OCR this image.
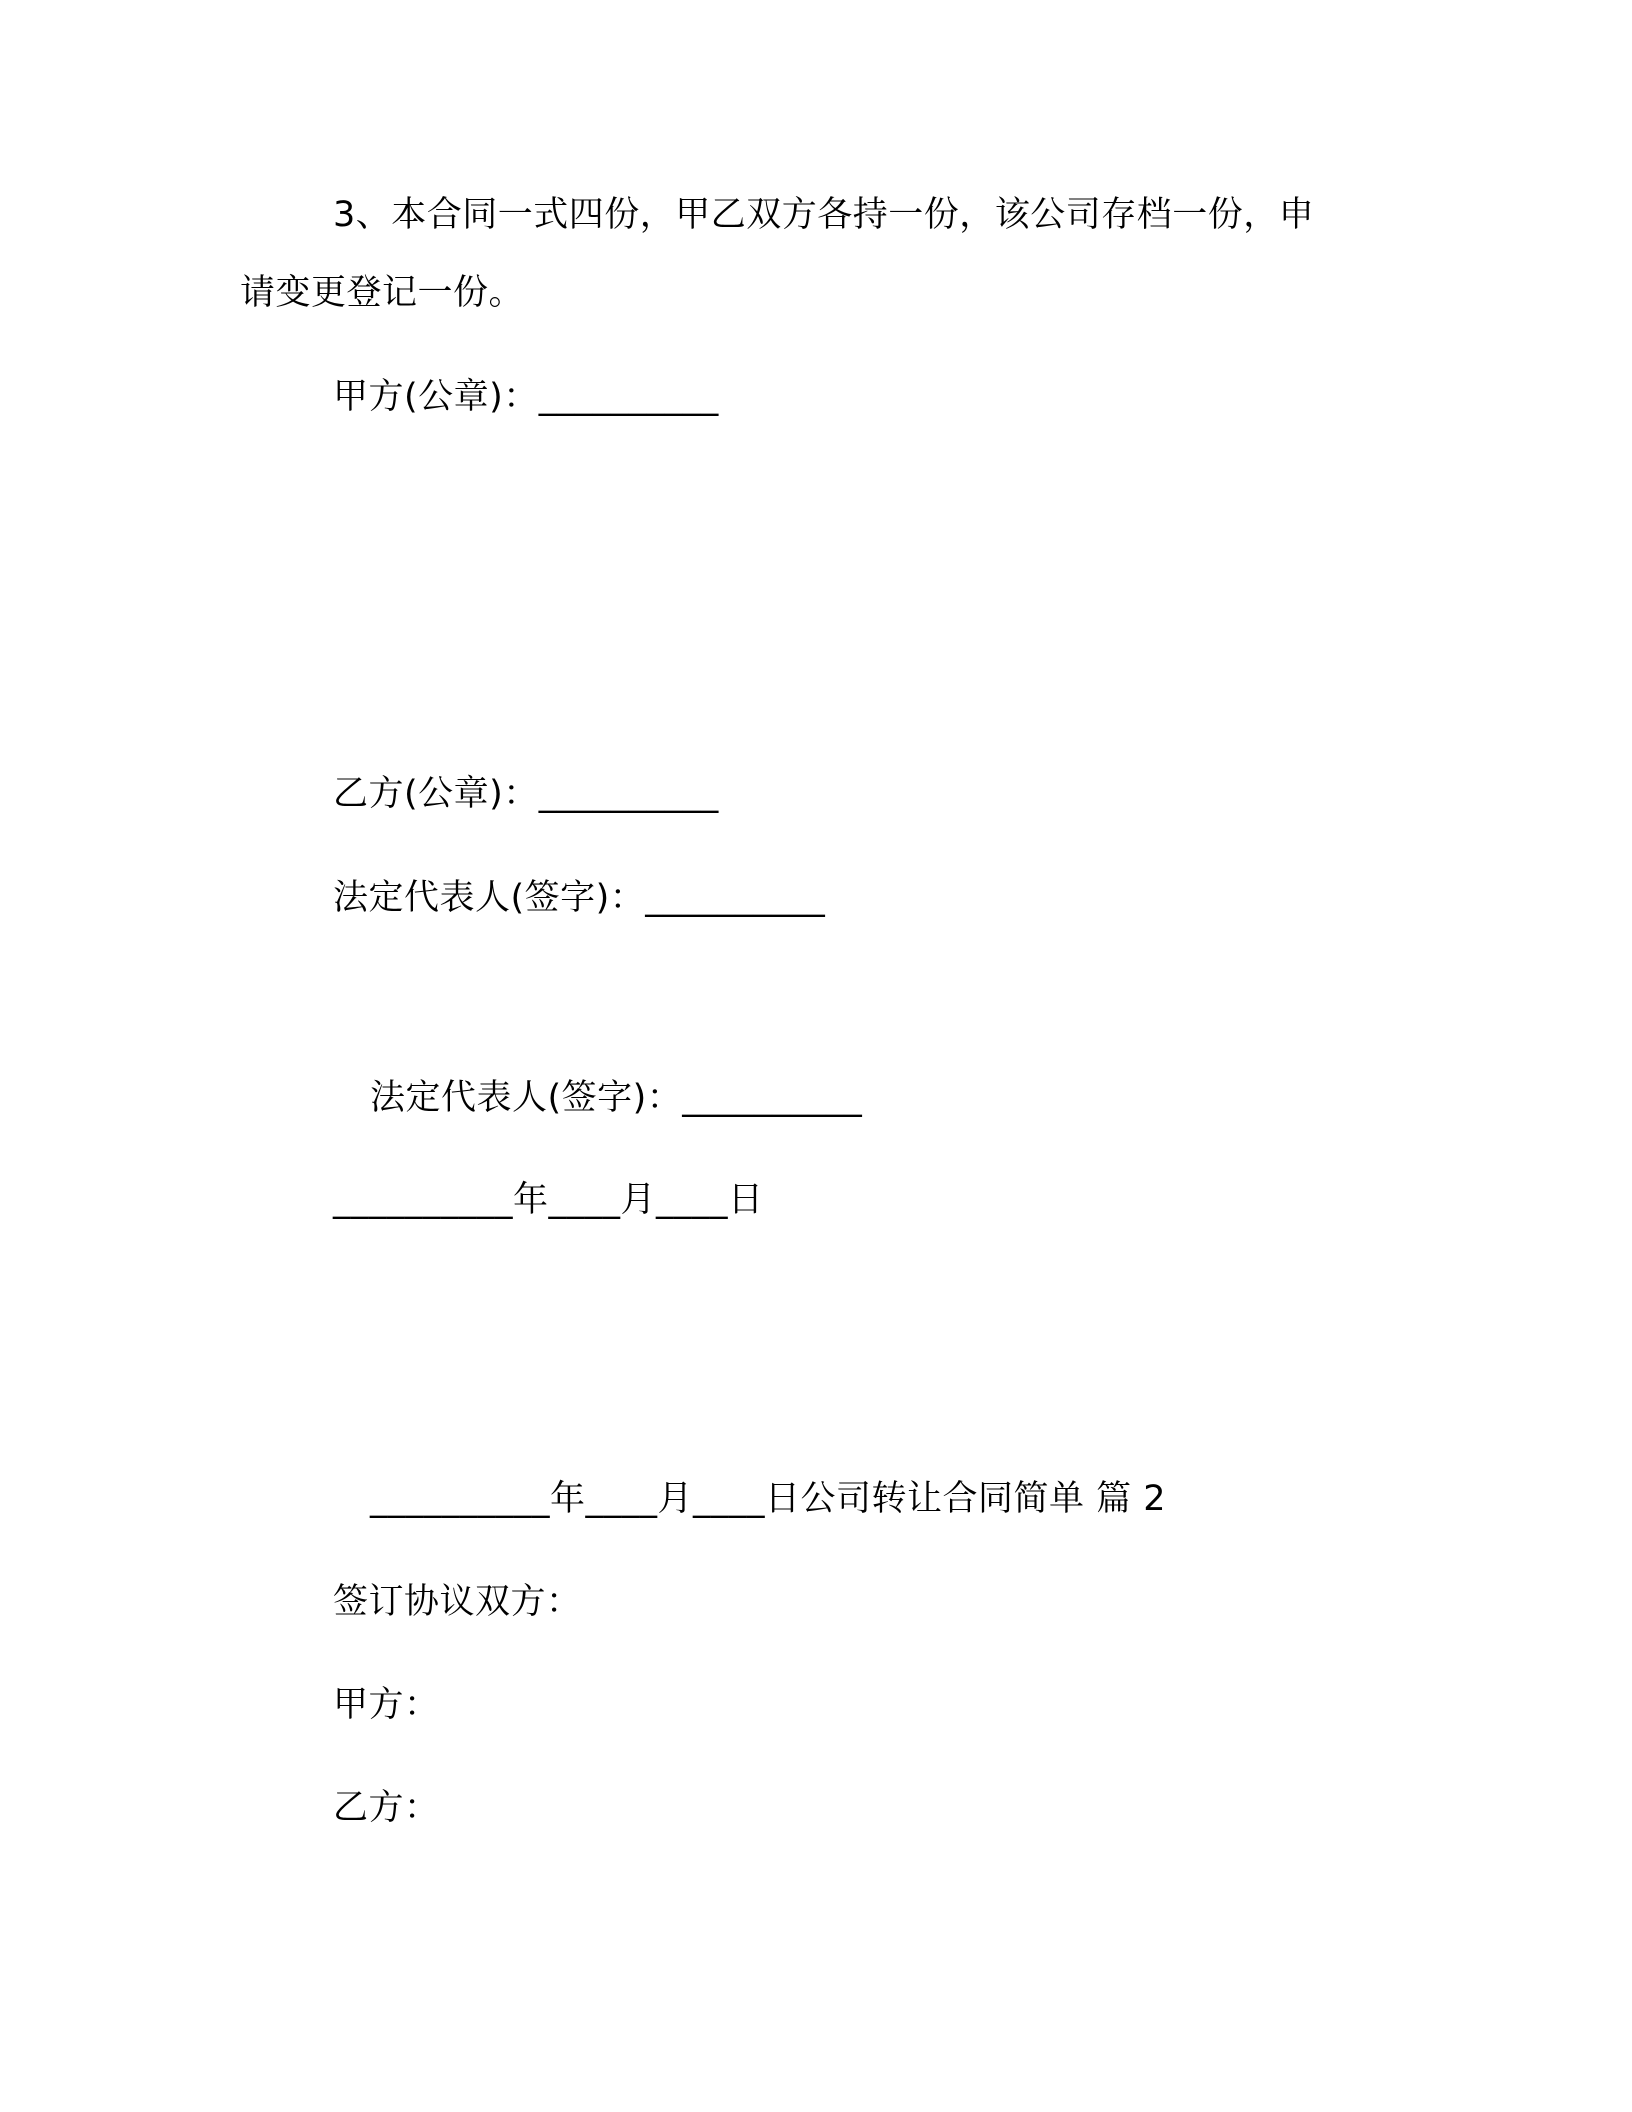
3、本合同一式四份，甲乙双方各持一份，该公司存档一份，申
请变更登记一份。
甲方(公章)：__________
乙方(公章)：__________
法定代表人(签字)：__________
法定代表人(签字)：__________
__________年____月____日
__________年____月____日公司转让合同简单 篇 2
签订协议双方：
甲方：
乙方：
